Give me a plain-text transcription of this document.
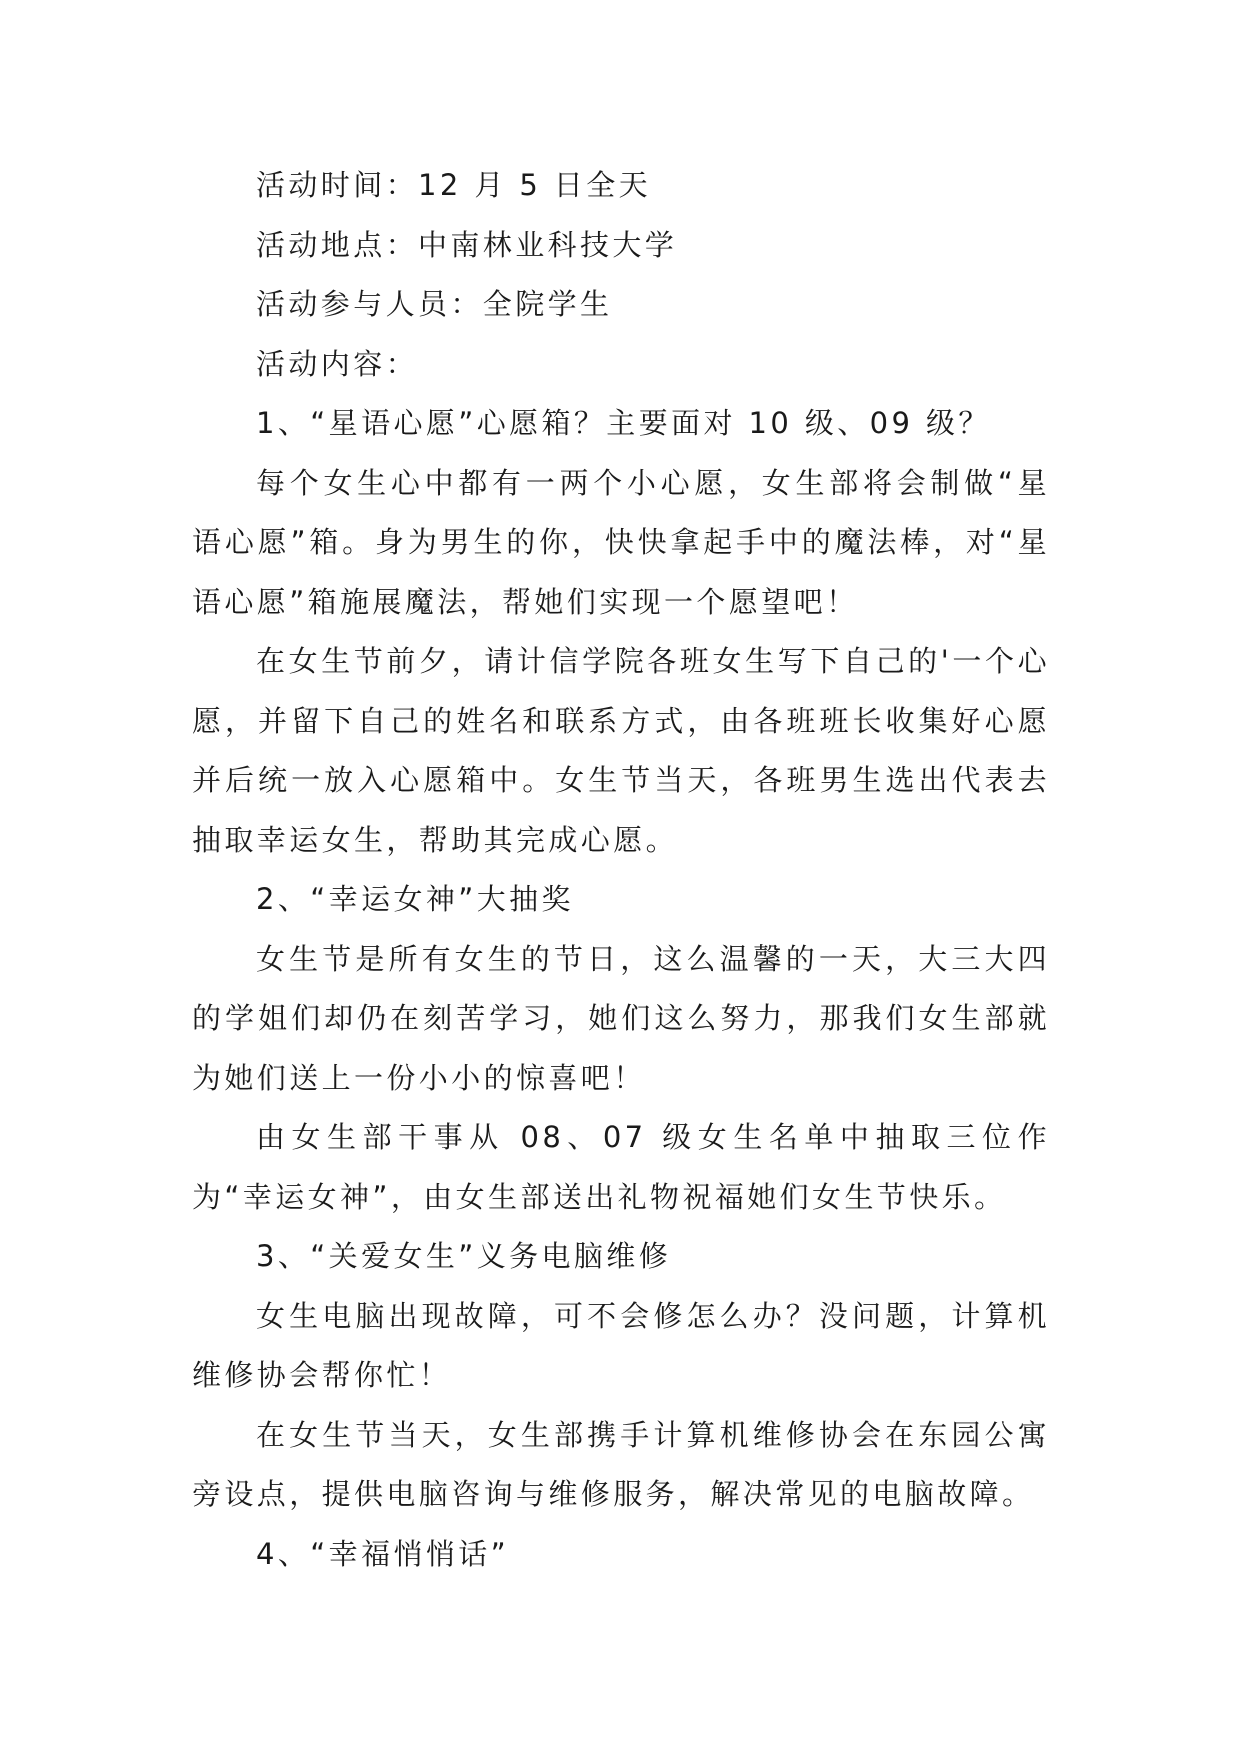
活动时间：12 月 5 日全天

活动地点：中南林业科技大学

活动参与人员：全院学生

活动内容：

1、“星语心愿”心愿箱？主要面对 10 级、09 级？

每个女生心中都有一两个小心愿，女生部将会制做“星语心愿”箱。身为男生的你，快快拿起手中的魔法棒，对“星语心愿”箱施展魔法，帮她们实现一个愿望吧！

在女生节前夕，请计信学院各班女生写下自己的'一个心愿，并留下自己的姓名和联系方式，由各班班长收集好心愿并后统一放入心愿箱中。女生节当天，各班男生选出代表去抽取幸运女生，帮助其完成心愿。

2、“幸运女神”大抽奖

女生节是所有女生的节日，这么温馨的一天，大三大四的学姐们却仍在刻苦学习，她们这么努力，那我们女生部就为她们送上一份小小的惊喜吧！

由女生部干事从 08、07 级女生名单中抽取三位作为“幸运女神”，由女生部送出礼物祝福她们女生节快乐。

3、“关爱女生”义务电脑维修

女生电脑出现故障，可不会修怎么办？没问题，计算机维修协会帮你忙！

在女生节当天，女生部携手计算机维修协会在东园公寓旁设点，提供电脑咨询与维修服务，解决常见的电脑故障。

4、“幸福悄悄话”
